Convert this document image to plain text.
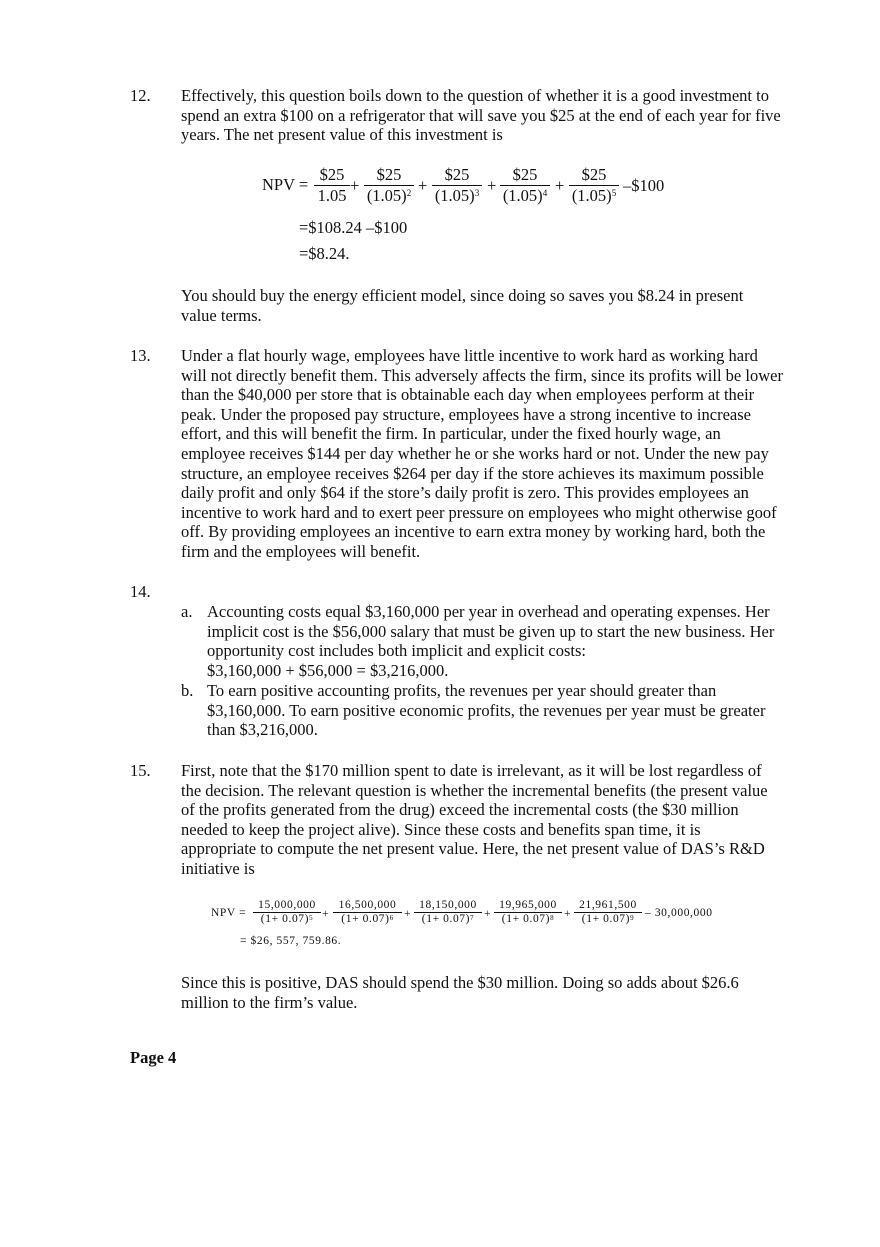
12. Effectively, this question boils down to the question of whether it is a good investment to spend an extra $100 on a refrigerator that will save you $25 at the end of each year for five years. The net present value of this investment is
NPV =
$25
1.05
+
$25
$(1.05)^2$ +
$25
$(1.05)^3$ +
$25
$(1.05)^4$ +
$25
$(1.05)^5$ –$100
=$108.24 –$100
=$8.24.
You should buy the energy efficient model, since doing so saves you $8.24 in present value terms.
13. Under a flat hourly wage, employees have little incentive to work hard as working hard will not directly benefit them. This adversely affects the firm, since its profits will be lower than the $40,000 per store that is obtainable each day when employees perform at their peak. Under the proposed pay structure, employees have a strong incentive to increase effort, and this will benefit the firm. In particular, under the fixed hourly wage, an employee receives $144 per day whether he or she works hard or not. Under the new pay structure, an employee receives $264 per day if the store achieves its maximum possible daily profit and only $64 if the store’s daily profit is zero. This provides employees an incentive to work hard and to exert peer pressure on employees who might otherwise goof off. By providing employees an incentive to earn extra money by working hard, both the firm and the employees will benefit.
14.
a. Accounting costs equal $3,160,000 per year in overhead and operating expenses. Her implicit cost is the $56,000 salary that must be given up to start the new business. Her opportunity cost includes both implicit and explicit costs:
$3,160,000 + $56,000 = $3,216,000.
b. To earn positive accounting profits, the revenues per year should greater than $3,160,000. To earn positive economic profits, the revenues per year must be greater than $3,216,000.
15. First, note that the $170 million spent to date is irrelevant, as it will be lost regardless of the decision. The relevant question is whether the incremental benefits (the present value of the profits generated from the drug) exceed the incremental costs (the $30 million needed to keep the project alive). Since these costs and benefits span time, it is appropriate to compute the net present value. Here, the net present value of DAS’s R&D initiative is
NPV =
15,000,000
$(1+ 0.07)^5$ +
16,500,000
$(1+ 0.07)^6$ +
18,150,000
$(1+ 0.07)^7$ +
19,965,000
$(1+ 0.07)^8$ +
21,961,500
$(1+ 0.07)^9 - 30,000,000$
= $26, 557, 759.86.
Since this is positive, DAS should spend the $30 million. Doing so adds about $26.6 million to the firm’s value.
Page 4
